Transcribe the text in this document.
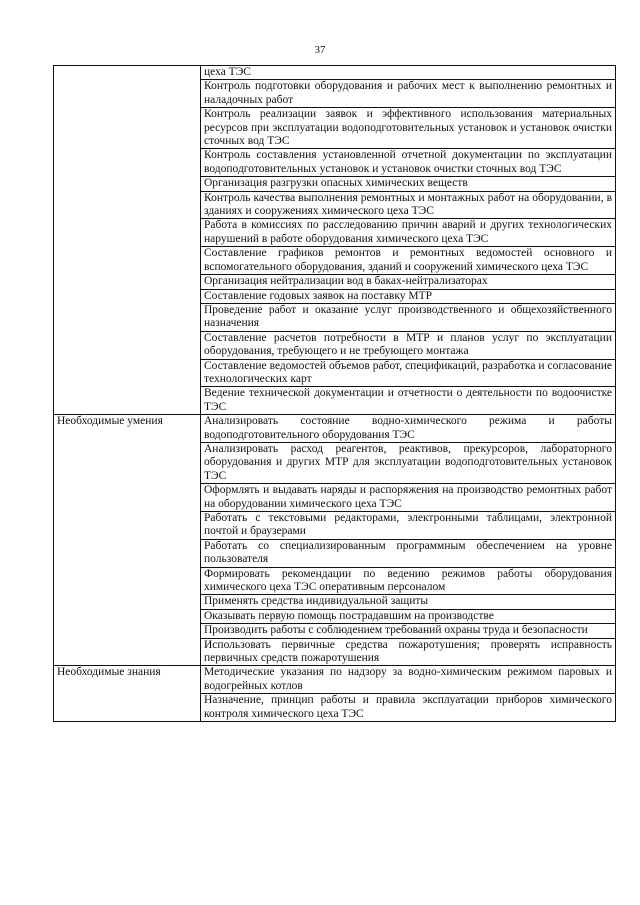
37
	цеха ТЭС
	Контроль подготовки оборудования и рабочих мест к выполнению ремонтных и наладочных работ
	Контроль реализации заявок и эффективного использования материальных ресурсов при эксплуатации водоподготовительных установок и установок очистки сточных вод ТЭС
	Контроль составления установленной отчетной документации по эксплуатации водоподготовительных установок и установок очистки сточных вод ТЭС
	Организация разгрузки опасных химических веществ
	Контроль качества выполнения ремонтных и монтажных работ на оборудовании, в зданиях и сооружениях химического цеха ТЭС
	Работа в комиссиях по расследованию причин аварий и других технологических нарушений в работе оборудования химического цеха ТЭС
	Составление графиков ремонтов и ремонтных ведомостей основного и вспомогательного оборудования, зданий и сооружений химического цеха ТЭС
	Организация нейтрализации вод в баках-нейтрализаторах
	Составление годовых заявок на поставку МТР
	Проведение работ и оказание услуг производственного и общехозяйственного назначения
	Составление расчетов потребности в МТР и планов услуг по эксплуатации оборудования, требующего и не требующего монтажа
	Составление ведомостей объемов работ, спецификаций, разработка и согласование технологических карт
	Ведение технической документации и отчетности о деятельности по водоочистке ТЭС
Необходимые умения	Анализировать состояние водно-химического режима и работы водоподготовительного оборудования ТЭС
	Анализировать расход реагентов, реактивов, прекурсоров, лабораторного оборудования и других МТР для эксплуатации водоподготовительных установок ТЭС
	Оформлять и выдавать наряды и распоряжения на производство ремонтных работ на оборудовании химического цеха ТЭС
	Работать с текстовыми редакторами, электронными таблицами, электронной почтой и браузерами
	Работать со специализированным программным обеспечением на уровне пользователя
	Формировать рекомендации по ведению режимов работы оборудования химического цеха ТЭС оперативным персоналом
	Применять средства индивидуальной защиты
	Оказывать первую помощь пострадавшим на производстве
	Производить работы с соблюдением требований охраны труда и безопасности
	Использовать первичные средства пожаротушения; проверять исправность первичных средств пожаротушения
Необходимые знания	Методические указания по надзору за водно-химическим режимом паровых и водогрейных котлов
	Назначение, принцип работы и правила эксплуатации приборов химического контроля химического цеха ТЭС
